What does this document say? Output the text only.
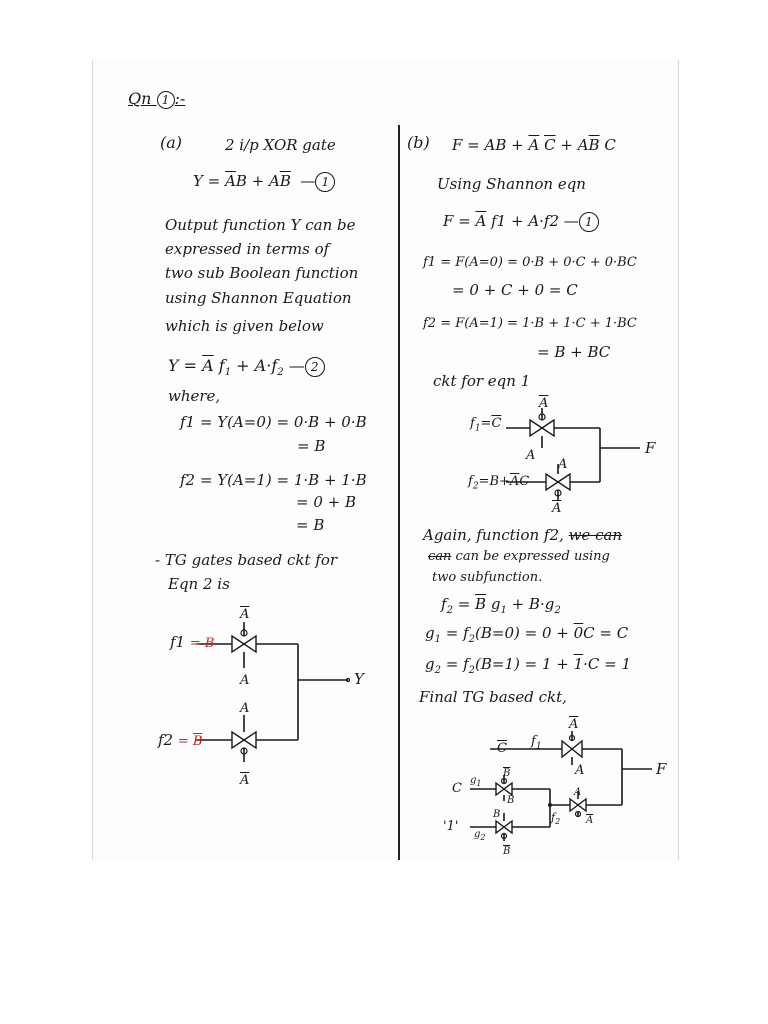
Qn 1 :-
(a)	2 i/p XOR gate
$Y = \overline{A}B + A\overline{B}$  — 1
Output function Y can be
expressed in terms of
two sub Boolean function
using Shannon Equation
which is given below
$Y = \overline{A}$ $f_1 + A\cdot f_2$ — 2
where,
f1 = Y(A=0) = 0·B + 0·B
= B
f2 = Y(A=1) = 1·B + 1·B
= 0 + B
= B
- TG gates based ckt for
Eqn 2 is
f1 = B
$f2 = \overline{B}$
$\overline{A}$
A
A
$\overline{A}$
Y
(b) F = AB + $\overline{A}$ $\overline{C} + A\overline{B}$ C
Using Shannon eqn
$F = \overline{A}$ f1 + A·f2 — 1
f1 = F(A=0) = 0·B + 0·C + 0·BC
= 0 + C + 0 = C
f2 = F(A=1) = 1·B + 1·C + 1·BC
= B + BC
ckt for eqn 1
$f_1=\overline{C}$
$f_2=B+\overline{A}C$
$\overline{A}$
A
A
$\overline{A}$
F
Again, function f2, we can
can can be expressed using
two subfunction.
$f_2 = \overline{B}$ $g_1 + B\cdot g_2$
$g_1 = f_2(B=0) = 0 + 0C = C$
$g_2 = f_2(B=1) = 1 + 1\cdot C = 1$
Final TG based ckt,
$\overline{C}$ $f_1$
$\overline{A}$
A
C
$g_1$
$\overline{B}$
B
'1'
$g_2$
B
$\overline{B}$
$f_2$
A
$\overline{A}$
F
